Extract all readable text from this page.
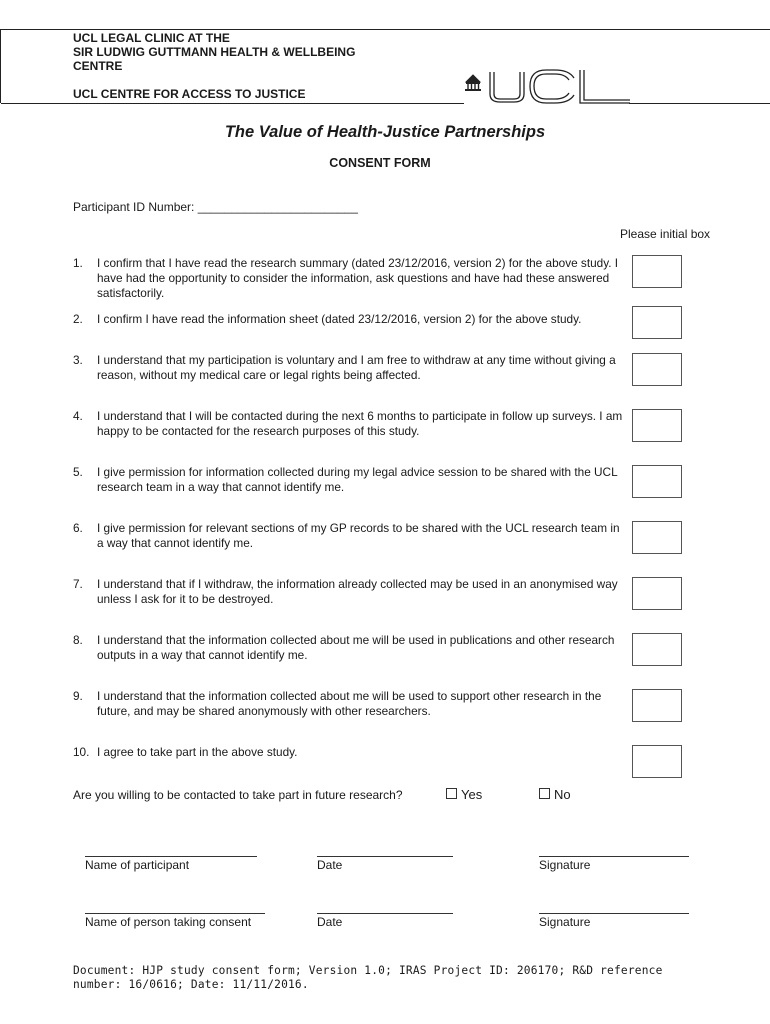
UCL LEGAL CLINIC AT THE

SIR LUDWIG GUTTMANN HEALTH & WELLBEING

CENTRE

UCL CENTRE FOR ACCESS TO JUSTICE

The Value of Health-Justice Partnerships

CONSENT FORM

Participant ID Number: ________________________
Please initial box
1. I confirm that I have read the research summary (dated 23/12/2016, version 2) for the above study. I have had the opportunity to consider the information, ask questions and have had these answered satisfactorily.
2. I confirm I have read the information sheet (dated 23/12/2016, version 2) for the above study.
3. I understand that my participation is voluntary and I am free to withdraw at any time without giving a reason, without my medical care or legal rights being affected.
4. I understand that I will be contacted during the next 6 months to participate in follow up surveys. I am happy to be contacted for the research purposes of this study.
5. I give permission for information collected during my legal advice session to be shared with the UCL research team in a way that cannot identify me.
6. I give permission for relevant sections of my GP records to be shared with the UCL research team in a way that cannot identify me.
7. I understand that if I withdraw, the information already collected may be used in an anonymised way unless I ask for it to be destroyed.
8. I understand that the information collected about me will be used in publications and other research outputs in a way that cannot identify me.
9. I understand that the information collected about me will be used to support other research in the future, and may be shared anonymously with other researchers.
10. I agree to take part in the above study.
Are you willing to be contacted to take part in future research?	Yes	No
Name of participant	Date	Signature
Name of person taking consent	Date	Signature
Document: HJP study consent form; Version 1.0; IRAS Project ID: 206170; R&D reference number: 16/0616; Date: 11/11/2016.
